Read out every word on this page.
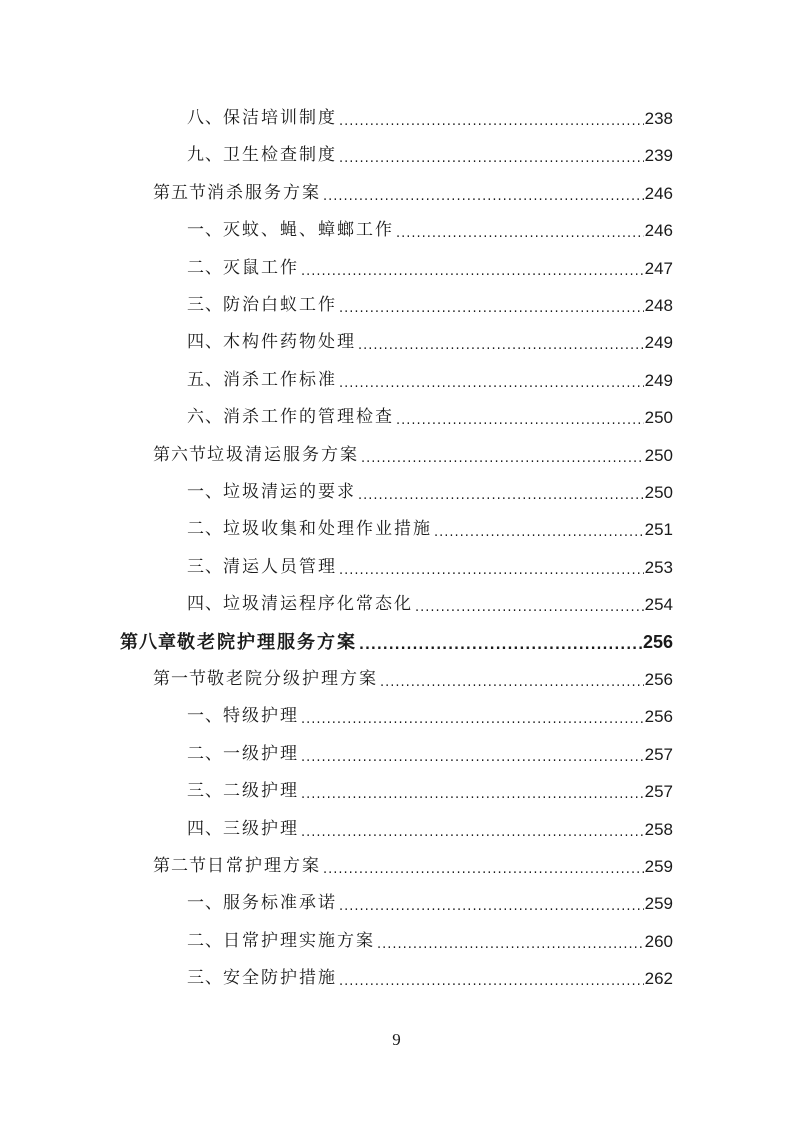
八、 保洁培训制度 .....	238
九、 卫生检查制度 .....	239
第五节 消杀服务方案 .....	246
一、 灭蚊、蝇、蟑螂工作 .....	246
二、 灭鼠工作 .....	247
三、 防治白蚁工作 .....	248
四、 木构件药物处理 .....	249
五、 消杀工作标准 .....	249
六、 消杀工作的管理检查 .....	250
第六节 垃圾清运服务方案 .....	250
一、 垃圾清运的要求 .....	250
二、 垃圾收集和处理作业措施 .....	251
三、 清运人员管理 .....	253
四、 垃圾清运程序化常态化 .....	254
第八章 敬老院护理服务方案 .....	256
第一节 敬老院分级护理方案 .....	256
一、 特级护理 .....	256
二、 一级护理 .....	257
三、 二级护理 .....	257
四、 三级护理 .....	258
第二节 日常护理方案 .....	259
一、 服务标准承诺 .....	259
二、 日常护理实施方案 .....	260
三、 安全防护措施 .....	262
9
